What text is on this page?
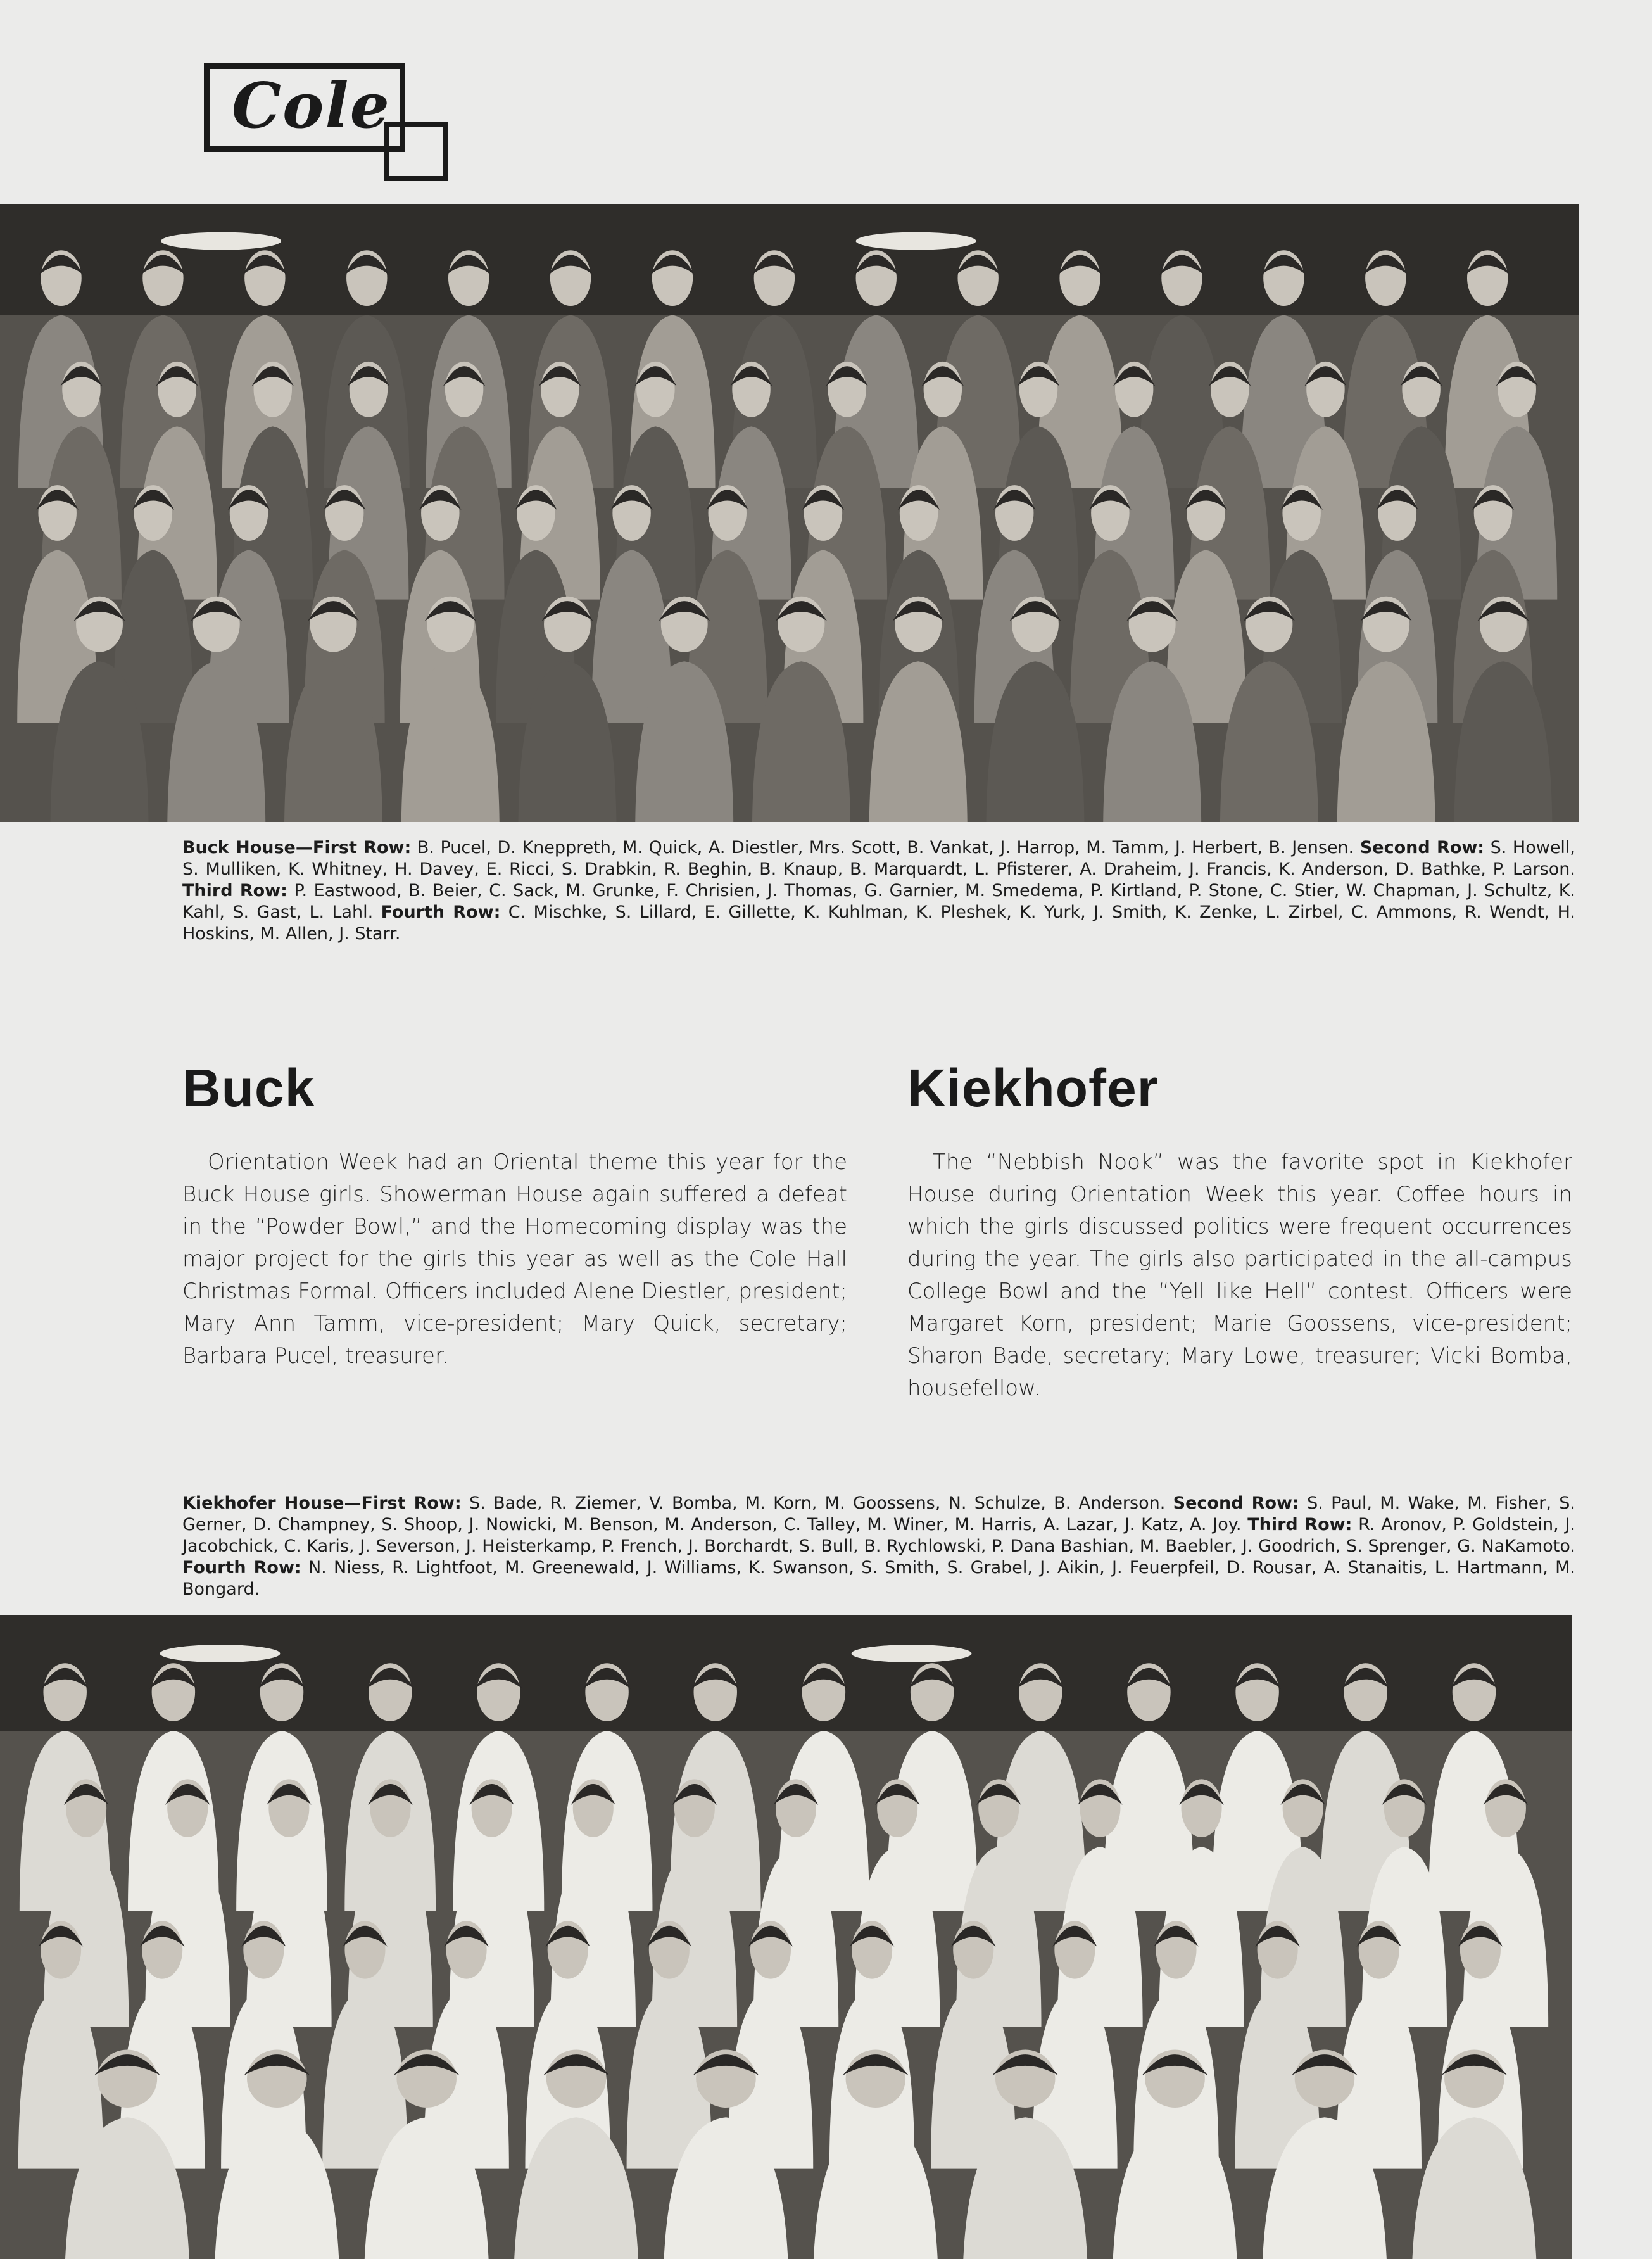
Cole
Buck House—First Row: B. Pucel, D. Kneppreth, M. Quick, A. Diestler, Mrs. Scott, B. Vankat, J. Harrop, M. Tamm, J. Herbert, B. Jensen. Second Row: S. Howell, S. Mulliken, K. Whitney, H. Davey, E. Ricci, S. Drabkin, R. Beghin, B. Knaup, B. Marquardt, L. Pfisterer, A. Draheim, J. Francis, K. Anderson, D. Bathke, P. Larson. Third Row: P. Eastwood, B. Beier, C. Sack, M. Grunke, F. Chrisien, J. Thomas, G. Garnier, M. Smedema, P. Kirtland, P. Stone, C. Stier, W. Chapman, J. Schultz, K. Kahl, S. Gast, L. Lahl. Fourth Row: C. Mischke, S. Lillard, E. Gillette, K. Kuhlman, K. Pleshek, K. Yurk, J. Smith, K. Zenke, L. Zirbel, C. Ammons, R. Wendt, H. Hoskins, M. Allen, J. Starr.
Buck	Kiekhofer

Orientation Week had an Oriental theme this year for the Buck House girls. Showerman House again suffered a defeat in the “Powder Bowl,” and the Homecoming display was the major project for the girls this year as well as the Cole Hall Christmas Formal. Officers included Alene Diestler, president; Mary Ann Tamm, vice-president; Mary Quick, secretary; Barbara Pucel, treasurer.

The “Nebbish Nook” was the favorite spot in Kiekhofer House during Orientation Week this year. Coffee hours in which the girls discussed politics were frequent occurrences during the year. The girls also participated in the all-campus College Bowl and the “Yell like Hell” contest. Officers were Margaret Korn, president; Marie Goossens, vice-president; Sharon Bade, secretary; Mary Lowe, treasurer; Vicki Bomba, housefellow.

Kiekhofer House—First Row: S. Bade, R. Ziemer, V. Bomba, M. Korn, M. Goossens, N. Schulze, B. Anderson. Second Row: S. Paul, M. Wake, M. Fisher, S. Gerner, D. Champney, S. Shoop, J. Nowicki, M. Benson, M. Anderson, C. Talley, M. Winer, M. Harris, A. Lazar, J. Katz, A. Joy. Third Row: R. Aronov, P. Goldstein, J. Jacobchick, C. Karis, J. Severson, J. Heisterkamp, P. French, J. Borchardt, S. Bull, B. Rychlowski, P. Dana Bashian, M. Baebler, J. Goodrich, S. Sprenger, G. NaKamoto. Fourth Row: N. Niess, R. Lightfoot, M. Greenewald, J. Williams, K. Swanson, S. Smith, S. Grabel, J. Aikin, J. Feuerpfeil, D. Rousar, A. Stanaitis, L. Hartmann, M. Bongard.
